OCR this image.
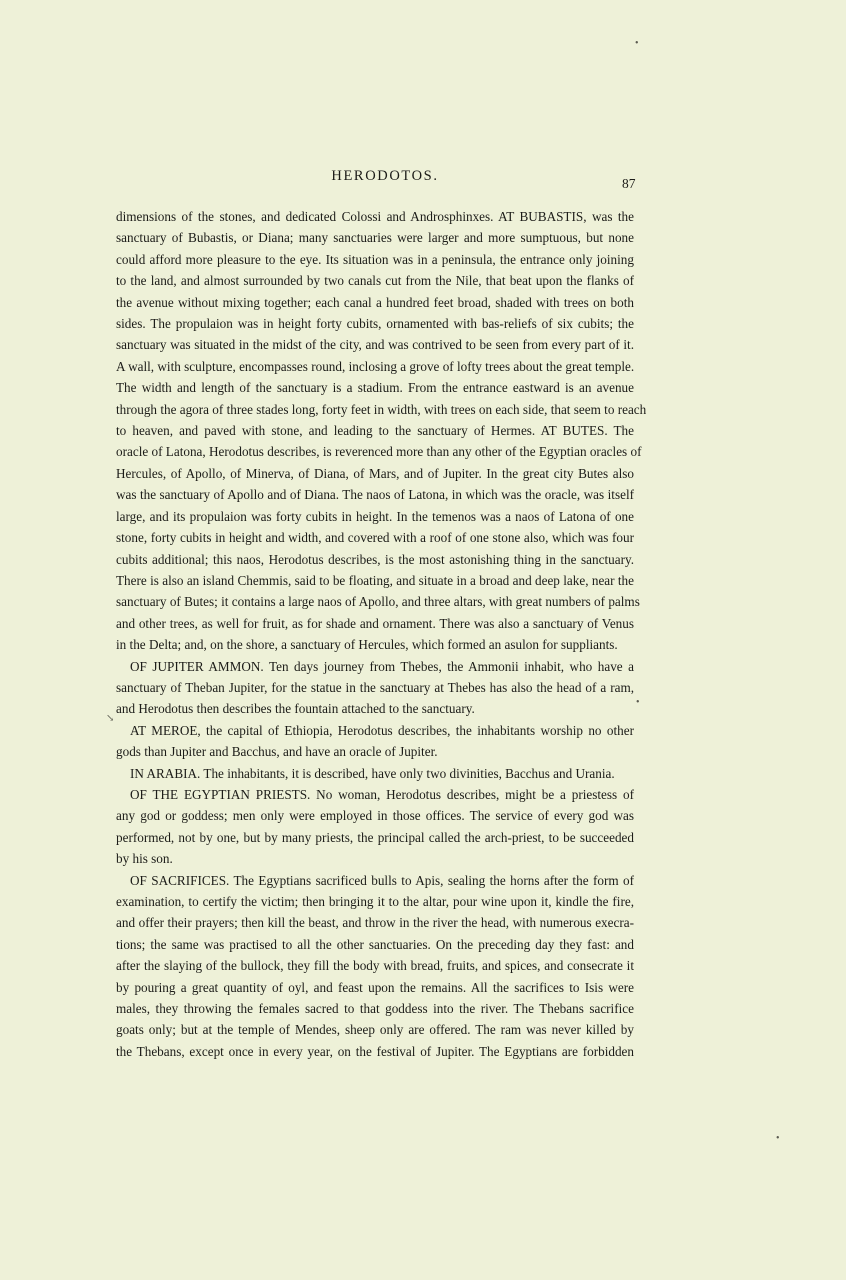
HERODOTOS.	87
dimensions of the stones, and dedicated Colossi and Androsphinxes. AT BUBASTIS, was the
sanctuary of Bubastis, or Diana; many sanctuaries were larger and more sumptuous, but none
could afford more pleasure to the eye. Its situation was in a peninsula, the entrance only joining
to the land, and almost surrounded by two canals cut from the Nile, that beat upon the flanks of
the avenue without mixing together; each canal a hundred feet broad, shaded with trees on both
sides. The propulaion was in height forty cubits, ornamented with bas-reliefs of six cubits; the
sanctuary was situated in the midst of the city, and was contrived to be seen from every part of it.
A wall, with sculpture, encompasses round, inclosing a grove of lofty trees about the great temple.
The width and length of the sanctuary is a stadium. From the entrance eastward is an avenue
through the agora of three stades long, forty feet in width, with trees on each side, that seem to reach
to heaven, and paved with stone, and leading to the sanctuary of Hermes. AT BUTES. The
oracle of Latona, Herodotus describes, is reverenced more than any other of the Egyptian oracles of
Hercules, of Apollo, of Minerva, of Diana, of Mars, and of Jupiter. In the great city Butes also
was the sanctuary of Apollo and of Diana. The naos of Latona, in which was the oracle, was itself
large, and its propulaion was forty cubits in height. In the temenos was a naos of Latona of one
stone, forty cubits in height and width, and covered with a roof of one stone also, which was four
cubits additional; this naos, Herodotus describes, is the most astonishing thing in the sanctuary.
There is also an island Chemmis, said to be floating, and situate in a broad and deep lake, near the
sanctuary of Butes; it contains a large naos of Apollo, and three altars, with great numbers of palms
and other trees, as well for fruit, as for shade and ornament. There was also a sanctuary of Venus
in the Delta; and, on the shore, a sanctuary of Hercules, which formed an asulon for suppliants.
OF JUPITER AMMON. Ten days journey from Thebes, the Ammonii inhabit, who have a
sanctuary of Theban Jupiter, for the statue in the sanctuary at Thebes has also the head of a ram,
and Herodotus then describes the fountain attached to the sanctuary.
AT MEROE, the capital of Ethiopia, Herodotus describes, the inhabitants worship no other
gods than Jupiter and Bacchus, and have an oracle of Jupiter.
IN ARABIA. The inhabitants, it is described, have only two divinities, Bacchus and Urania.
OF THE EGYPTIAN PRIESTS. No woman, Herodotus describes, might be a priestess of
any god or goddess; men only were employed in those offices. The service of every god was
performed, not by one, but by many priests, the principal called the arch-priest, to be succeeded
by his son.
OF SACRIFICES. The Egyptians sacrificed bulls to Apis, sealing the horns after the form of
examination, to certify the victim; then bringing it to the altar, pour wine upon it, kindle the fire,
and offer their prayers; then kill the beast, and throw in the river the head, with numerous execra-
tions; the same was practised to all the other sanctuaries. On the preceding day they fast: and
after the slaying of the bullock, they fill the body with bread, fruits, and spices, and consecrate it
by pouring a great quantity of oyl, and feast upon the remains. All the sacrifices to Isis were
males, they throwing the females sacred to that goddess into the river. The Thebans sacrifice
goats only; but at the temple of Mendes, sheep only are offered. The ram was never killed by
the Thebans, except once in every year, on the festival of Jupiter. The Egyptians are forbidden
•
•
↘
•
